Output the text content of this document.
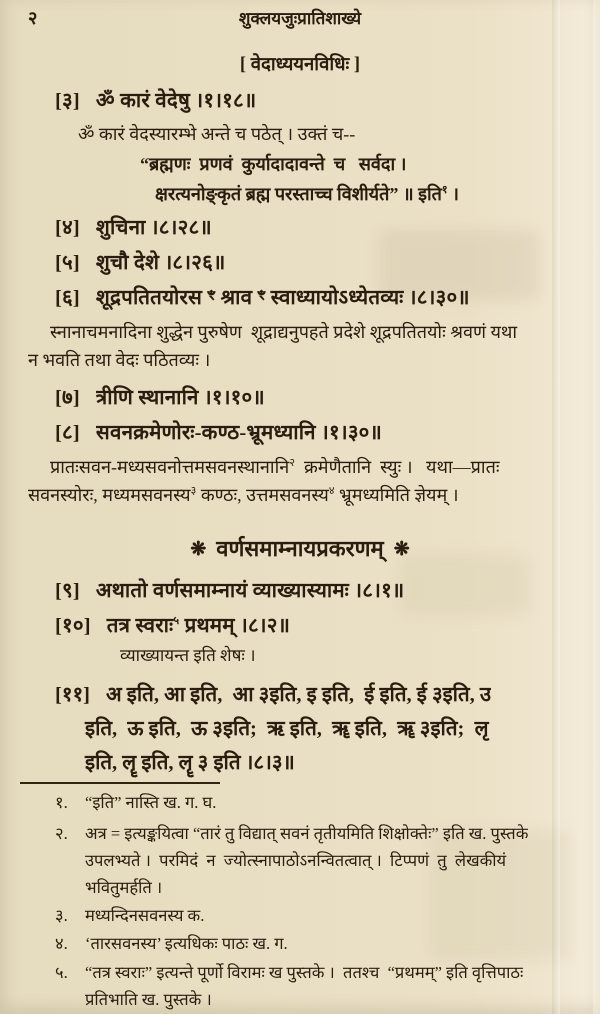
२	शुक्लयजुःप्रातिशाख्ये
[ वेदाध्ययनविधिः ]
[३] ॐ कारं वेदेषु ।१।१८॥
ॐ कारं वेदस्यारम्भे अन्ते च पठेत् । उक्तं च--
“ब्रह्मणः  प्रणवं  कुर्यादादावन्ते  च   सर्वदा ।
क्षरत्यनोङ्कृतं ब्रह्म परस्ताच्च विशीर्यते” ॥ इति$^१$ ।
[४] शुचिना ।८।२८॥
[५] शुचौ देशे ।८।२६॥
[६] शूद्रपतितयोरस ꣳ श्राव ꣳ स्वाध्यायोऽध्येतव्यः ।८।३०॥
स्नानाचमनादिना शुद्धेन पुरुषेण  शूद्राद्यनुपहते प्रदेशे शूद्रपतितयोः श्रवणं यथा
न भवति तथा वेदः पठितव्यः ।
[७] त्रीणि स्थानानि ।१।१०॥
[८] सवनक्रमेणोरः-कण्ठ-भ्रूमध्यानि ।१।३०॥
प्रातःसवन-मध्यसवनोत्तमसवनस्थानानि$^२$  क्रमेणैतानि  स्युः ।   यथा—प्रातः
सवनस्योरः, मध्यमसवनस्य$^३$ कण्ठः, उत्तमसवनस्य$^४$ भ्रूमध्यमिति ज्ञेयम् ।
❋ वर्णसमाम्नायप्रकरणम् ❋
[९] अथातो वर्णसमाम्नायं व्याख्यास्यामः ।८।१॥
[१०] तत्र स्वराः$^५$ प्रथमम् ।८।२॥
व्याख्यायन्त इति शेषः ।
[११] अ इति, आ इति,  आ ३इति, इ इति,  ई इति, ई ३इति, उ
इति,  ऊ इति,  ऊ ३इति;  ऋ इति,  ॠ इति,  ॠ ३इति;  लृ
इति, लॄ इति, लॄ ३ इति ।८।३॥
१.	“इति” नास्ति ख. ग. घ.
२.	अत्र = इत्यङ्कयित्वा “तारं तु विद्यात् सवनं तृतीयमिति शिक्षोक्तेः” इति ख. पुस्तके
उपलभ्यते ।  परमिदं  न  ज्योत्स्नापाठोऽनन्वितत्वात् ।  टिप्पणं  तु  लेखकीयं
भवितुमर्हति ।
३.	मध्यन्दिनसवनस्य क.
४.	‘तारसवनस्य’ इत्यधिकः पाठः ख. ग.
५.	“तत्र स्वराः” इत्यन्ते पूर्णो विरामः ख पुस्तके ।  ततश्च  “प्रथमम्” इति वृत्तिपाठः
प्रतिभाति ख. पुस्तके ।
